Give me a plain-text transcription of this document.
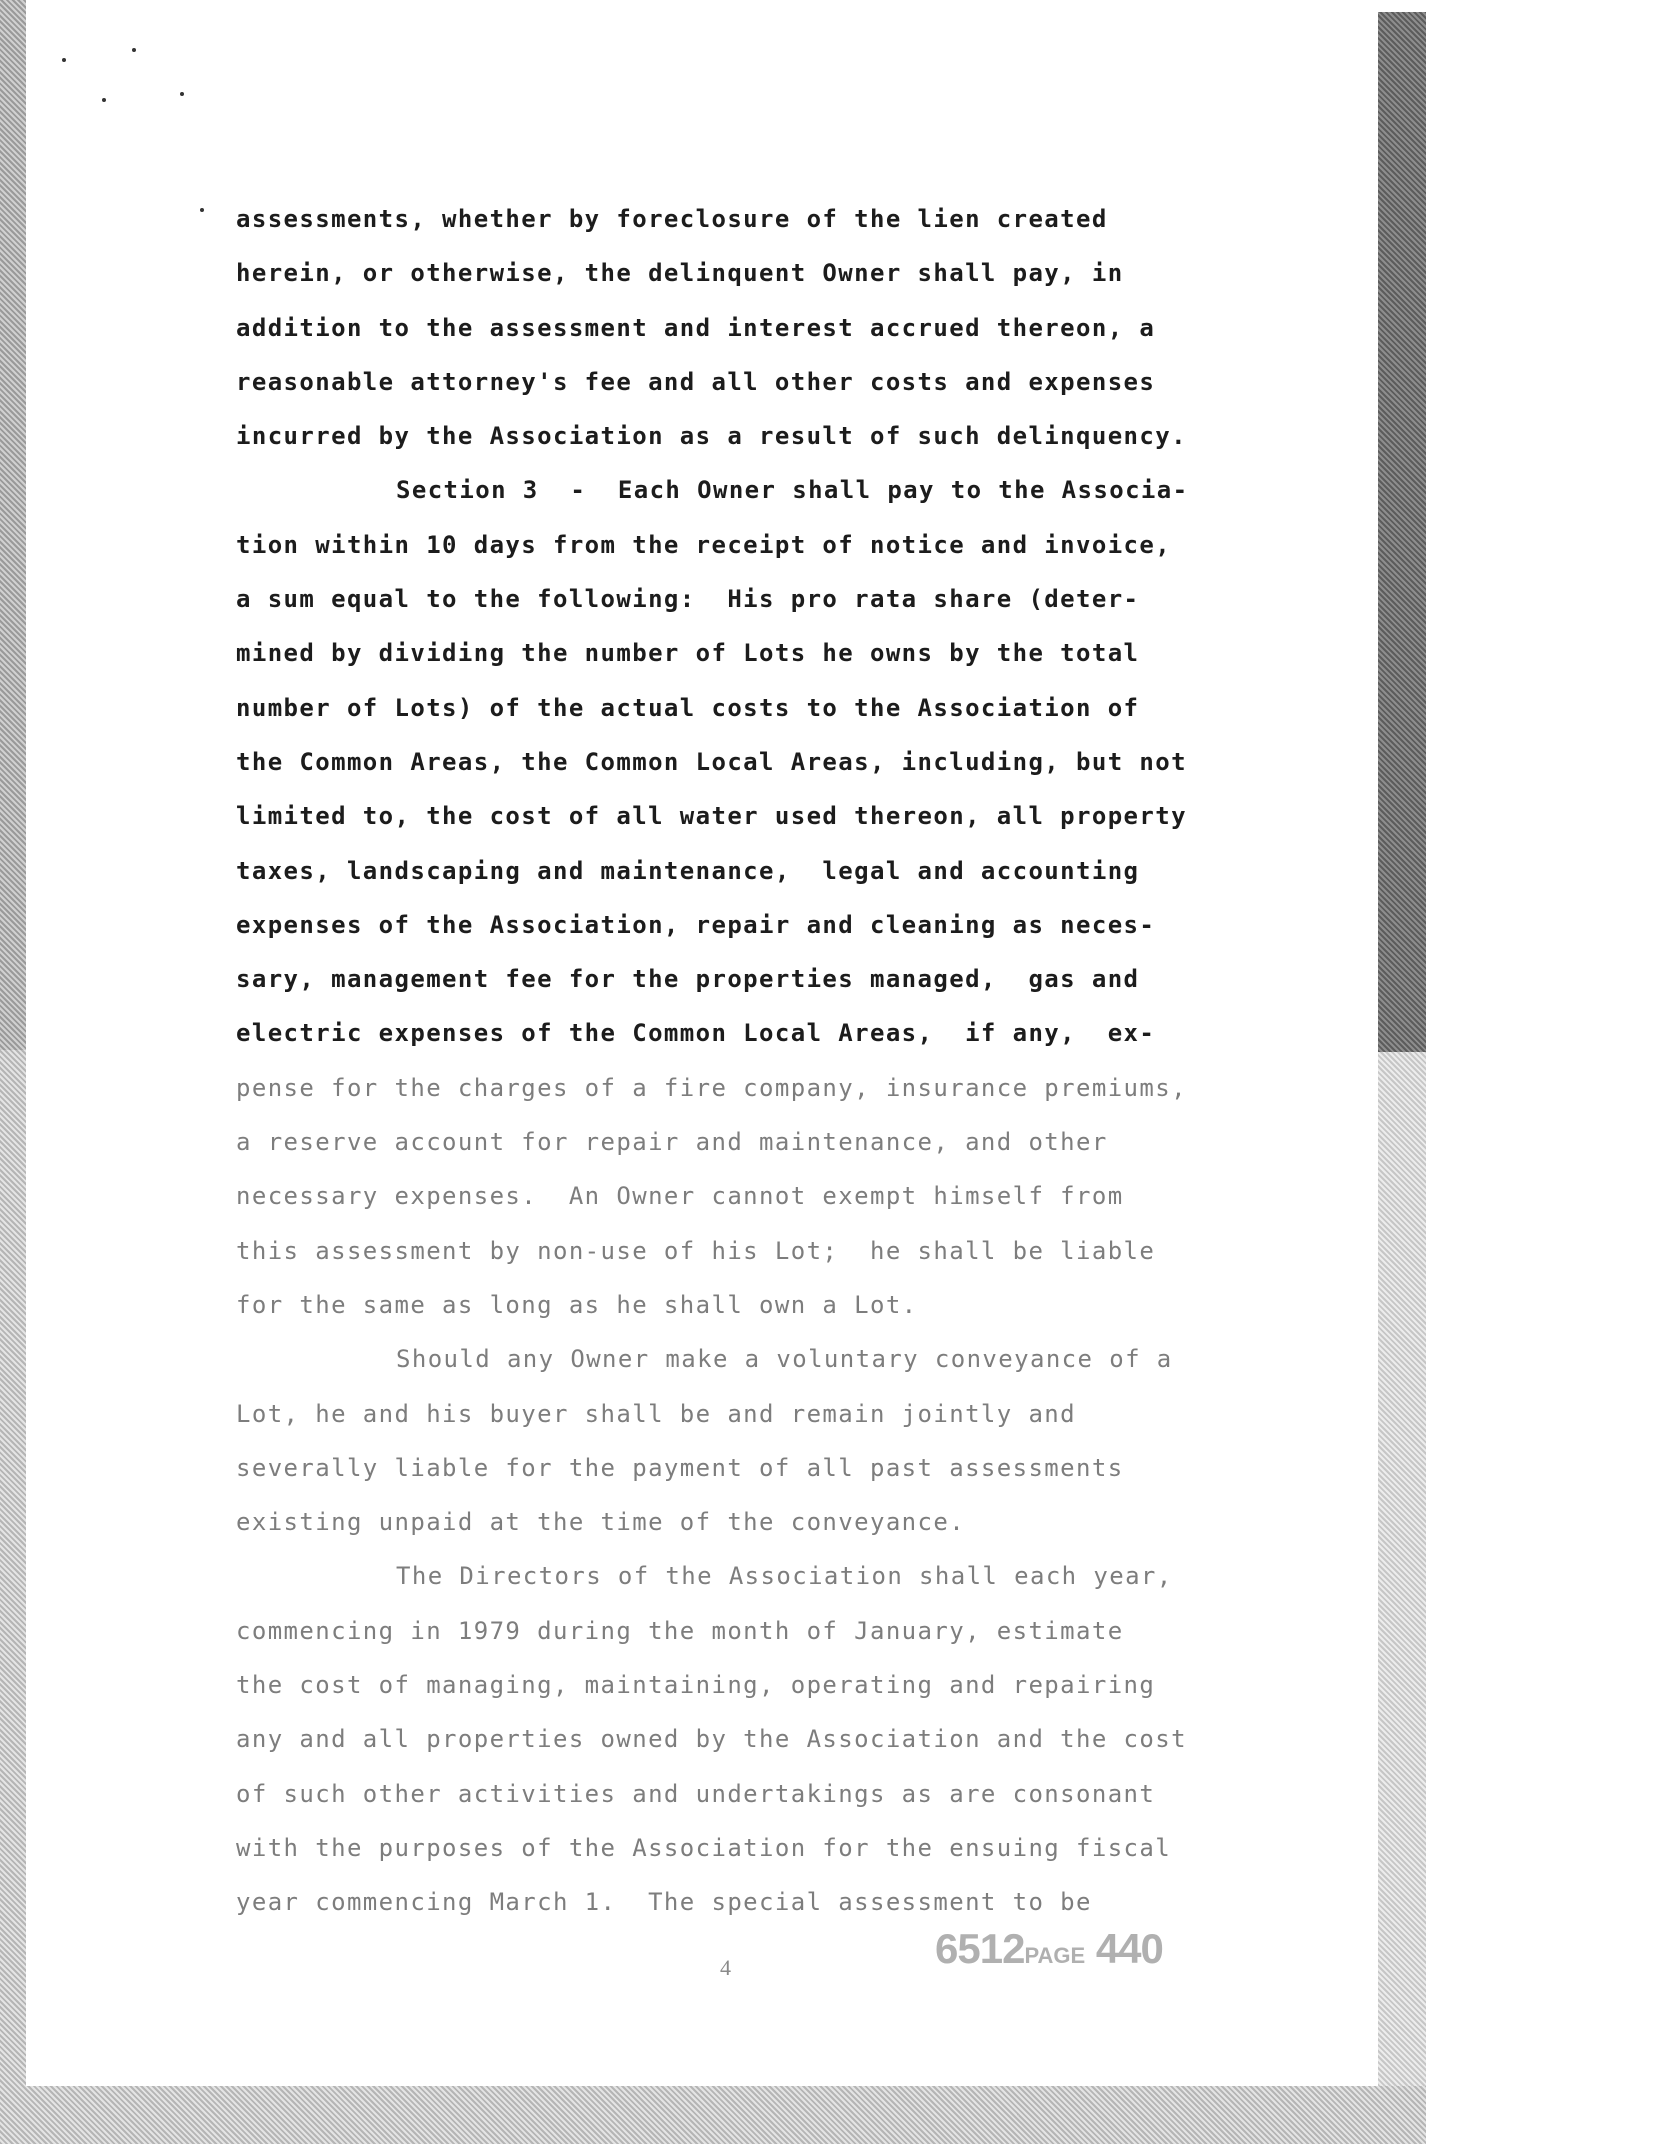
assessments, whether by foreclosure of the lien created
herein, or otherwise, the delinquent Owner shall pay, in
addition to the assessment and interest accrued thereon, a
reasonable attorney's fee and all other costs and expenses
incurred by the Association as a result of such delinquency.
Section 3  -  Each Owner shall pay to the Associa-
tion within 10 days from the receipt of notice and invoice,
a sum equal to the following:  His pro rata share (deter-
mined by dividing the number of Lots he owns by the total
number of Lots) of the actual costs to the Association of
the Common Areas, the Common Local Areas, including, but not
limited to, the cost of all water used thereon, all property
taxes, landscaping and maintenance,  legal and accounting
expenses of the Association, repair and cleaning as neces-
sary, management fee for the properties managed,  gas and
electric expenses of the Common Local Areas,  if any,  ex-
pense for the charges of a fire company, insurance premiums,
a reserve account for repair and maintenance, and other
necessary expenses.  An Owner cannot exempt himself from
this assessment by non-use of his Lot;  he shall be liable
for the same as long as he shall own a Lot.
Should any Owner make a voluntary conveyance of a
Lot, he and his buyer shall be and remain jointly and
severally liable for the payment of all past assessments
existing unpaid at the time of the conveyance.
The Directors of the Association shall each year,
commencing in 1979 during the month of January, estimate
the cost of managing, maintaining, operating and repairing
any and all properties owned by the Association and the cost
of such other activities and undertakings as are consonant
with the purposes of the Association for the ensuing fiscal
year commencing March 1.  The special assessment to be
4	6512PAGE 440
